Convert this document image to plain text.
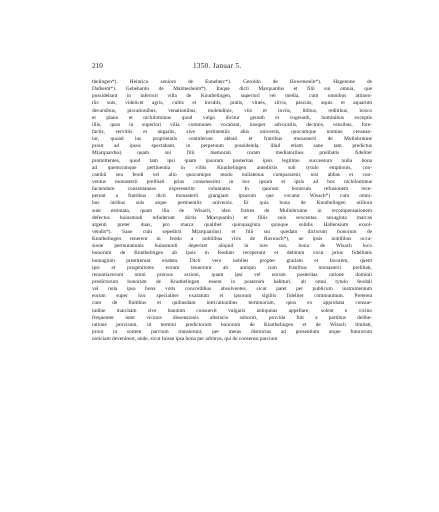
210	1350. Januar 5.
thelingen*). Heinrico seniore de Euneberc*). Geroldo de Howensteîn*). Hagenone de
Dalheim*). Gebehardo de Malmesheim*). Itaque dicti Marquardus et filii sui omnia, que
possidebant in inferiori villa de Knuthelingen, superiori vel media, cum omnibus attinen-
tiis suis, videlicet agris, cultis et incultis, pratis, vineis, silvis, pascuis, aquis et aquarum
decursibus, piscationibus, venationibus, molendinis, viis et inviis, litibus, reditibus, bosco
et plano et nichilominus quod vulgo dicitur geuuth et vngeuuth, hominibus exceptis
illis, quos in superiori villa communes vocabant, insuper advocatiis, decimis, censibus, fore-
factis, servitiis et angariis, sive pertinentiis aliis universis, quocumque nomine censean-
tur, quoad ius proprietatis contulerunt abbati et fratribus monasterii de Mulinbrunne
prout ad ipsos spectabant, in perpetuum possidenda, illud etiam sane tam predictus
M(arquardus) quam sui filii memorati coram mediatoribus prelibatis fideliter
promittentes, quod tam ipsi quam ipsorum posteritas ipsis legitime successura nulla bona
ad quemcumque pertinentia in villis Knuthelingen antedictis sub tytulo emptionis, con-
cambii seu feodi vel alio quocumque modo nullatenus compararent, nisi abbas et con-
ventus monasterii prelibati prius consenserint in hoc ipsum et ipsis ad hoc nichilominus
faciendum consentaneas expresserint voluntates. In quorum bonorum refusionem rece-
perunt a fratribus dicti monasterii grangiam ipsorum que vocatur Wisach*) cum omni-
bus iuribus suis atque pertinentiis universis. Et quia bona de Knuthelingen utiliora
sunt estimata, quam illa de Wisach, ideo fratres de Mulinbrunne in recompensationem
defectus huiusmodi refuderunt dictis M(arquardo) et filiis suis sexcentas sexaginta marcas
argenti preter duas, pro marca qualibet quinquaginta quinque solidis Hallensium exsol-
vendis*). Sane cum sepedicti M(arquardus) et filii sui quedam dictorum bonorum de
Knuthelingen tenerent in feodo a nobilibus viris de Roswach*), ne ipsis nobilibus occa-
sione permutationis huiusmodi deperiret aliquid in iure suo, bona de Wisach loco
bonorum de Knuthelingen ab ipsis in feodum receperunt et debitum sicut prius fidelitatis
homagium prestiterunt eisdem. Dicti vero nobiles propter gratiam et favorem, quem
ipsi et progenitores eorum tenuerunt ab antiquo cum fratribus monasterii prelibati,
renuntiaverunt omni prorsus actioni, quam ipsi vel eorum posteritas ratione dominii
predictorum bonorum de Knuthelingen essent in posterum habituri, ab omni tytulo feodali
vel nota ipsa bona votis concordibus absolventes, sicut patet per publicum instrumentum
eorum super hoc specialiter exaratum et ipsorum sigillis fideliter communitum. Preterea
cum de finitibus et quibusdam intricationibus terminorum, quos ex approbata consue-
tudine marcham sive bannum consuevit vulgaris antiquitas appellare, solent e vicino
frequenter inter vicinos dissensionis alteracio suboriri, provida fuit a partibus delibe-
ratione provisum, ut termini predictorum bonorum de Knuthelingen et de Wisach limitati,
prout in sortem parcium transierunt, per metas distinctas ad presentium atque futurorum
noticiam devenirent, unde, sicut fuisse ipsa bona per arbitros, qui de consensu parcium
